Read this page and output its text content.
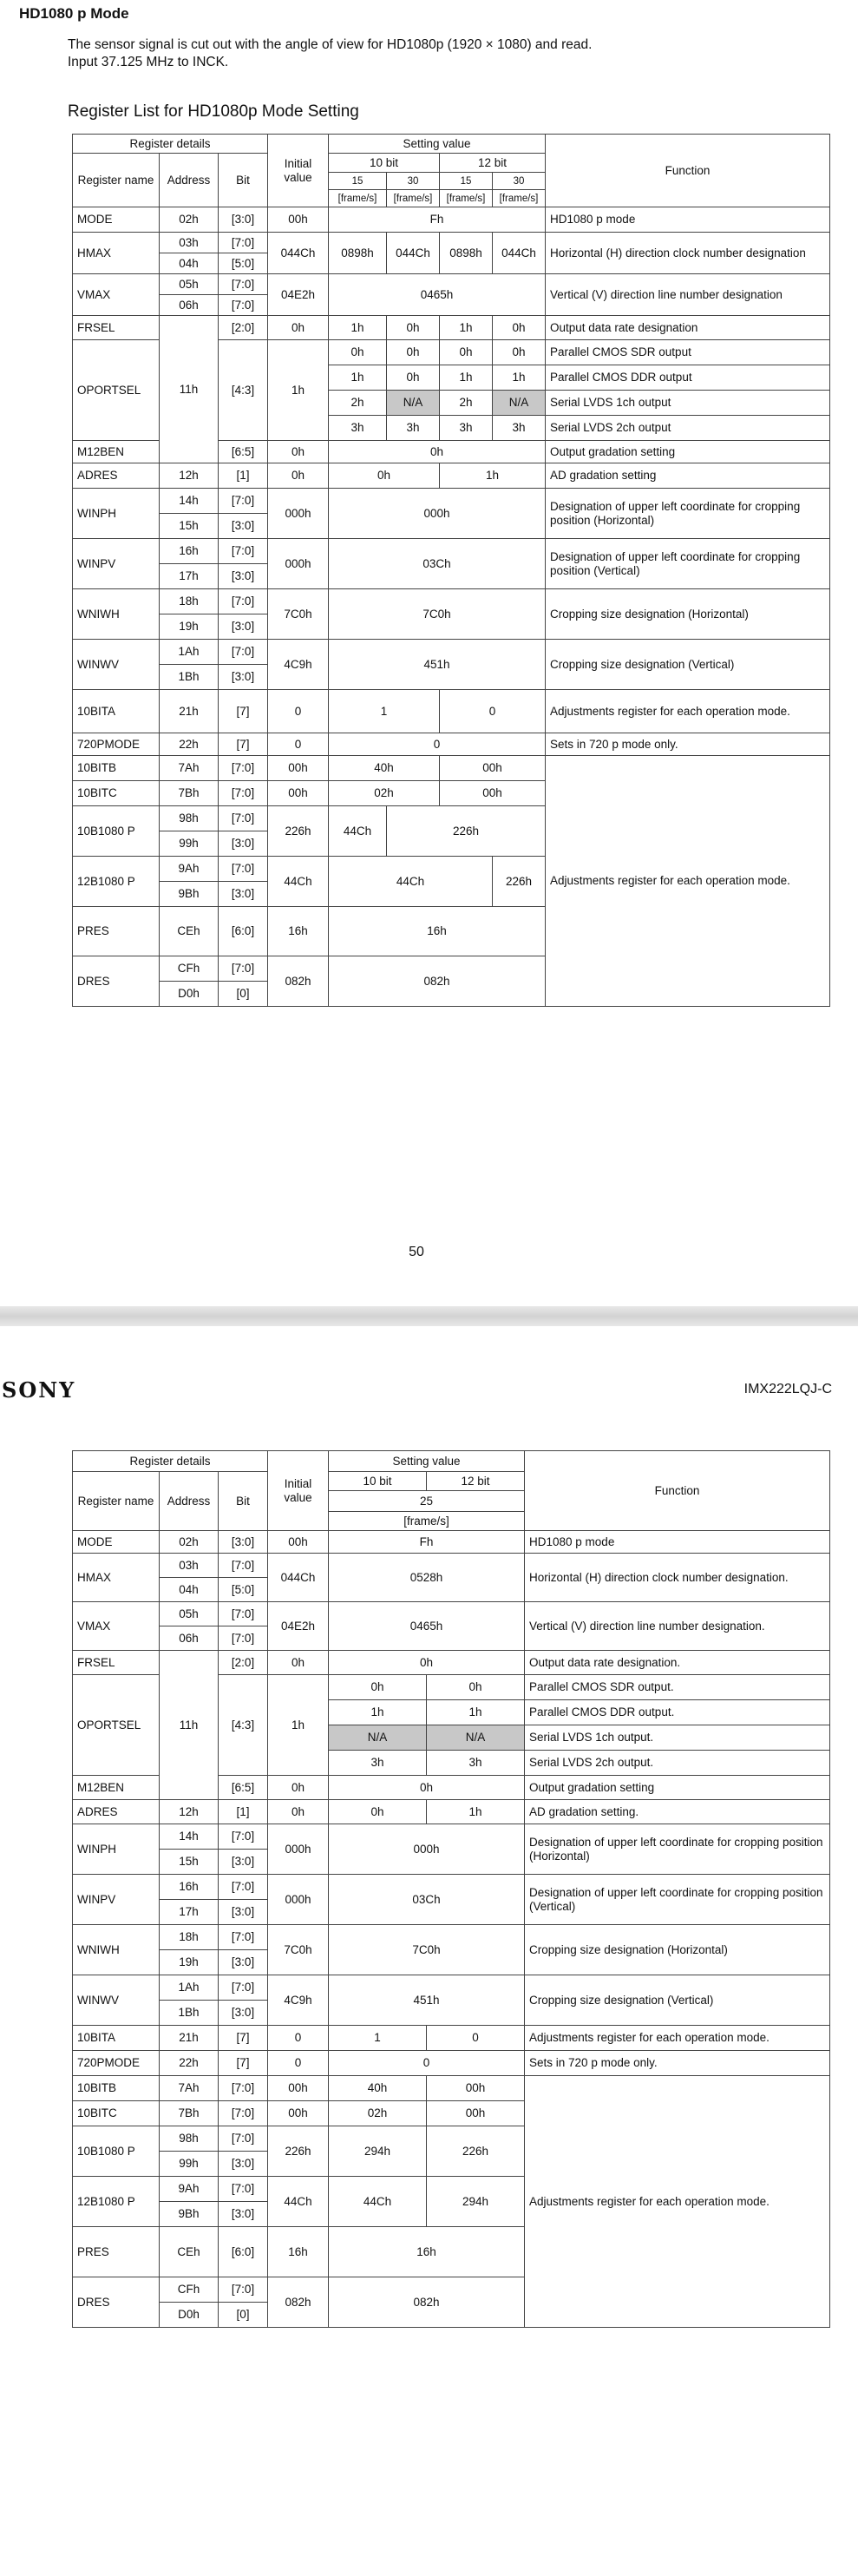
HD1080 p Mode
The sensor signal is cut out with the angle of view for HD1080p (1920 × 1080) and read.
Input 37.125 MHz to INCK.
Register List for HD1080p Mode Setting
Register details			Initial value	Setting value				Function
Register name	Address	Bit		10 bit		12 bit		
				15	30	15	30	
				[frame/s]	[frame/s]	[frame/s]	[frame/s]	
MODE	02h	[3:0]	00h	Fh				HD1080 p mode
HMAX	03h	[7:0]	044Ch	0898h	044Ch	0898h	044Ch	Horizontal (H) direction clock number designation
	04h	[5:0]						
VMAX	05h	[7:0]	04E2h	0465h				Vertical (V) direction line number designation
	06h	[7:0]						
FRSEL	11h	[2:0]	0h	1h	0h	1h	0h	Output data rate designation
OPORTSEL		[4:3]	1h	0h	0h	0h	0h	Parallel CMOS SDR output
				1h	0h	1h	1h	Parallel CMOS DDR output
				2h	N/A	2h	N/A	Serial LVDS 1ch output
				3h	3h	3h	3h	Serial LVDS 2ch output
M12BEN		[6:5]	0h	0h				Output gradation setting
ADRES	12h	[1]	0h	0h		1h		AD gradation setting
WINPH	14h	[7:0]	000h	000h				Designation of upper left coordinate for cropping position (Horizontal)
	15h	[3:0]						
WINPV	16h	[7:0]	000h	03Ch				Designation of upper left coordinate for cropping position (Vertical)
	17h	[3:0]						
WNIWH	18h	[7:0]	7C0h	7C0h				Cropping size designation (Horizontal)
	19h	[3:0]						
WINWV	1Ah	[7:0]	4C9h	451h				Cropping size designation (Vertical)
	1Bh	[3:0]						
10BITA	21h	[7]	0	1		0		Adjustments register for each operation mode.
720PMODE	22h	[7]	0	0				Sets in 720 p mode only.
10BITB	7Ah	[7:0]	00h	40h		00h		Adjustments register for each operation mode.
10BITC	7Bh	[7:0]	00h	02h		00h		
10B1080 P	98h	[7:0]	226h	44Ch	226h			
	99h	[3:0]						
12B1080 P	9Ah	[7:0]	44Ch	44Ch			226h	
	9Bh	[3:0]						
PRES	CEh	[6:0]	16h	16h				
DRES	CFh	[7:0]	082h	082h				
	D0h	[0]						
50
SONY	IMX222LQJ-C
Register details			Initial value	Setting value		Function
Register name	Address	Bit		10 bit	12 bit	
				25		
				[frame/s]		
MODE	02h	[3:0]	00h	Fh		HD1080 p mode
HMAX	03h	[7:0]	044Ch	0528h		Horizontal (H) direction clock number designation.
	04h	[5:0]				
VMAX	05h	[7:0]	04E2h	0465h		Vertical (V) direction line number designation.
	06h	[7:0]				
FRSEL	11h	[2:0]	0h	0h		Output data rate designation.
OPORTSEL		[4:3]	1h	0h	0h	Parallel CMOS SDR output.
				1h	1h	Parallel CMOS DDR output.
				N/A	N/A	Serial LVDS 1ch output.
				3h	3h	Serial LVDS 2ch output.
M12BEN		[6:5]	0h	0h		Output gradation setting
ADRES	12h	[1]	0h	0h	1h	AD gradation setting.
WINPH	14h	[7:0]	000h	000h		Designation of upper left coordinate for cropping position (Horizontal)
	15h	[3:0]				
WINPV	16h	[7:0]	000h	03Ch		Designation of upper left coordinate for cropping position (Vertical)
	17h	[3:0]				
WNIWH	18h	[7:0]	7C0h	7C0h		Cropping size designation (Horizontal)
	19h	[3:0]				
WINWV	1Ah	[7:0]	4C9h	451h		Cropping size designation (Vertical)
	1Bh	[3:0]				
10BITA	21h	[7]	0	1	0	Adjustments register for each operation mode.
720PMODE	22h	[7]	0	0		Sets in 720 p mode only.
10BITB	7Ah	[7:0]	00h	40h	00h	Adjustments register for each operation mode.
10BITC	7Bh	[7:0]	00h	02h	00h	
10B1080 P	98h	[7:0]	226h	294h	226h	
	99h	[3:0]				
12B1080 P	9Ah	[7:0]	44Ch	44Ch	294h	
	9Bh	[3:0]				
PRES	CEh	[6:0]	16h	16h		
DRES	CFh	[7:0]	082h	082h		
	D0h	[0]				
